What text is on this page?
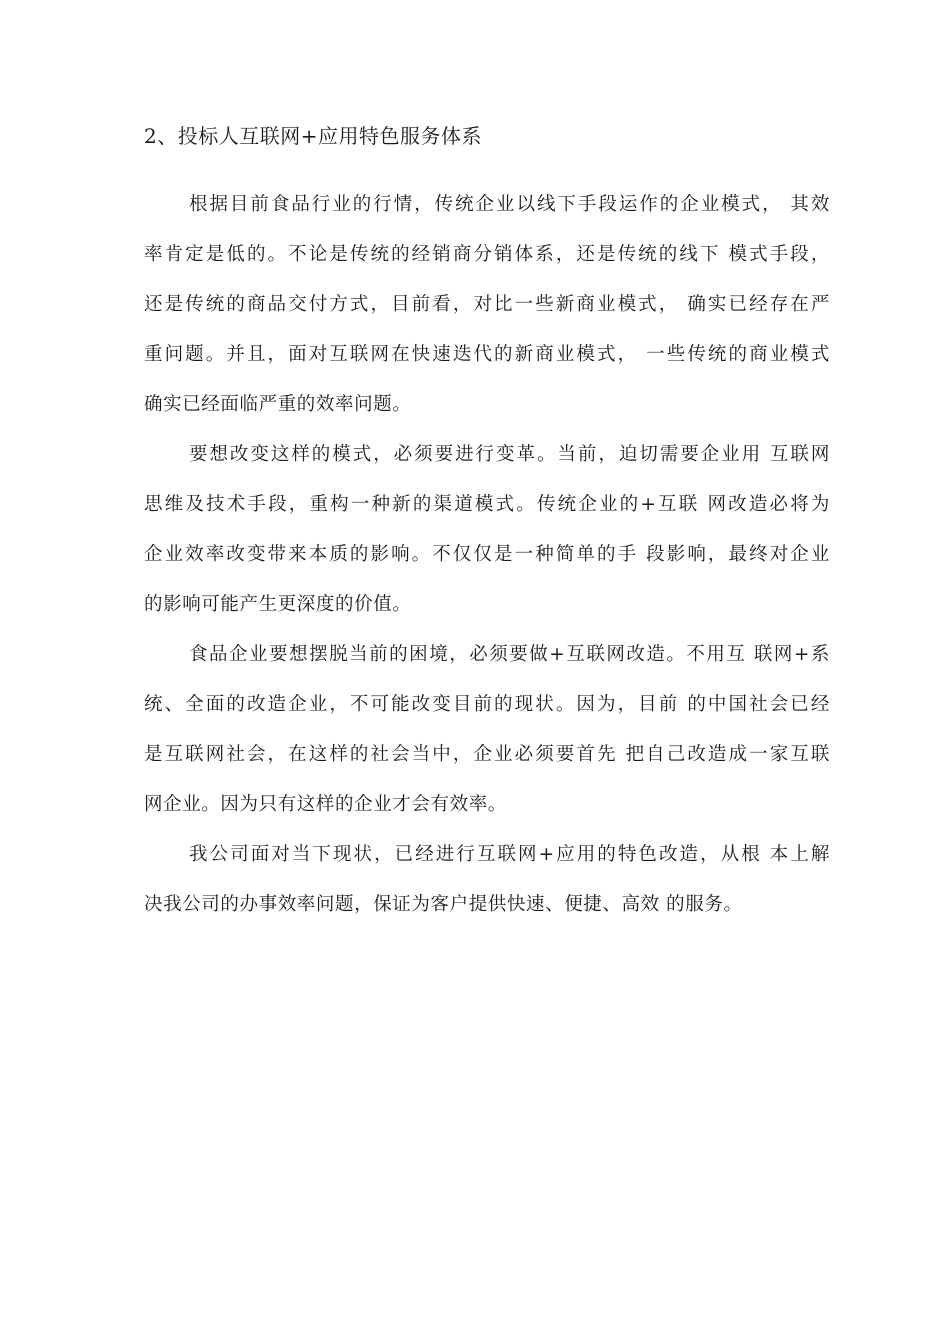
2、投标人互联网+应用特色服务体系
根据目前食品行业的行情，传统企业以线下手段运作的企业模式， 其效
率肯定是低的。不论是传统的经销商分销体系，还是传统的线下 模式手段，
还是传统的商品交付方式，目前看，对比一些新商业模式， 确实已经存在严
重问题。并且，面对互联网在快速迭代的新商业模式， 一些传统的商业模式
确实已经面临严重的效率问题。
要想改变这样的模式，必须要进行变革。当前，迫切需要企业用 互联网
思维及技术手段，重构一种新的渠道模式。传统企业的+互联 网改造必将为
企业效率改变带来本质的影响。不仅仅是一种简单的手 段影响，最终对企业
的影响可能产生更深度的价值。
食品企业要想摆脱当前的困境，必须要做+互联网改造。不用互 联网+系
统、全面的改造企业，不可能改变目前的现状。因为，目前 的中国社会已经
是互联网社会，在这样的社会当中，企业必须要首先 把自己改造成一家互联
网企业。因为只有这样的企业才会有效率。
我公司面对当下现状，已经进行互联网+应用的特色改造，从根 本上解
决我公司的办事效率问题，保证为客户提供快速、便捷、高效 的服务。
